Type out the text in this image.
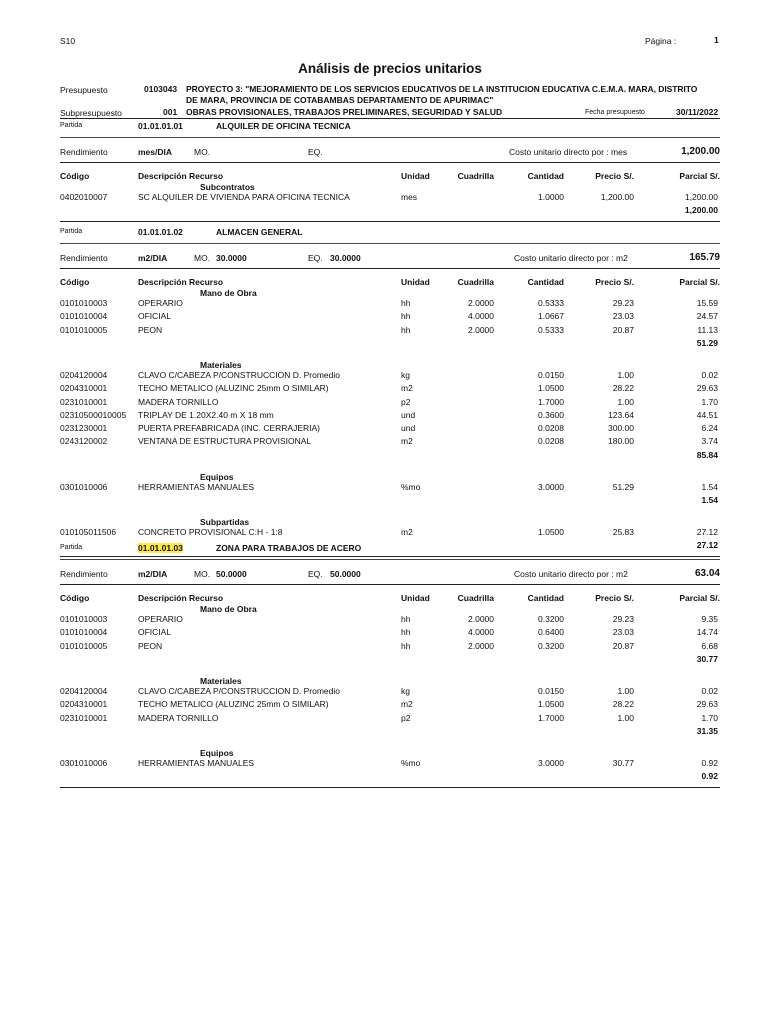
S10	Página :	1
Análisis de precios unitarios
Presupuesto	0103043 PROYECTO 3: "MEJORAMIENTO DE LOS SERVICIOS EDUCATIVOS DE LA INSTITUCION EDUCATIVA C.E.M.A. MARA, DISTRITO
DE MARA, PROVINCIA DE COTABAMBAS DEPARTAMENTO DE APURIMAC"
Subpresupuesto	001 OBRAS PROVISIONALES, TRABAJOS PRELIMINARES, SEGURIDAD Y SALUD	Fecha presupuesto	30/11/2022
Partida	01.01.01.01	ALQUILER DE OFICINA TECNICA
Rendimiento	mes/DIA	MO.	EQ.	Costo unitario directo por : mes	1,200.00
Código	Descripción Recurso	Unidad	Cuadrilla	Cantidad	Precio S/.	Parcial S/.
Subcontratos
0402010007	SC ALQUILER DE VIVIENDA PARA OFICINA TECNICA	mes	1.0000	1,200.00	1,200.00
1,200.00
Partida	01.01.01.02	ALMACEN GENERAL
Rendimiento	m2/DIA	MO. 30.0000	EQ. 30.0000	Costo unitario directo por : m2	165.79
Código	Descripción Recurso	Unidad	Cuadrilla	Cantidad	Precio S/.	Parcial S/.
Mano de Obra
0101010003	OPERARIO	hh	2.0000	0.5333	29.23	15.59
0101010004	OFICIAL	hh	4.0000	1.0667	23.03	24.57
0101010005	PEON	hh	2.0000	0.5333	20.87	11.13
51.29
Materiales
0204120004	CLAVO C/CABEZA P/CONSTRUCCION D. Promedio	kg	0.0150	1.00	0.02
0204310001	TECHO METALICO (ALUZINC 25mm O SIMILAR)	m2	1.0500	28.22	29.63
0231010001	MADERA TORNILLO	p2	1.7000	1.00	1.70
02310500010005 TRIPLAY DE 1.20X2.40 m X 18 mm	und	0.3600	123.64	44.51
0231230001	PUERTA PREFABRICADA (INC. CERRAJERIA)	und	0.0208	300.00	6.24
0243120002	VENTANA DE ESTRUCTURA PROVISIONAL	m2	0.0208	180.00	3.74
85.84
Equipos
0301010006	HERRAMIENTAS MANUALES	%mo	3.0000	51.29	1.54
1.54
Subpartidas
010105011506	CONCRETO PROVISIONAL C:H - 1:8	m2	1.0500	25.83	27.12
27.12
Partida	01.01.01.03	ZONA PARA TRABAJOS DE ACERO
Rendimiento	m2/DIA	MO. 50.0000	EQ. 50.0000	Costo unitario directo por : m2	63.04
Código	Descripción Recurso	Unidad	Cuadrilla	Cantidad	Precio S/.	Parcial S/.
Mano de Obra
0101010003	OPERARIO	hh	2.0000	0.3200	29.23	9.35
0101010004	OFICIAL	hh	4.0000	0.6400	23.03	14.74
0101010005	PEON	hh	2.0000	0.3200	20.87	6.68
30.77
Materiales
0204120004	CLAVO C/CABEZA P/CONSTRUCCION D. Promedio	kg	0.0150	1.00	0.02
0204310001	TECHO METALICO (ALUZINC 25mm O SIMILAR)	m2	1.0500	28.22	29.63
0231010001	MADERA TORNILLO	p2	1.7000	1.00	1.70
31.35
Equipos
0301010006	HERRAMIENTAS MANUALES	%mo	3.0000	30.77	0.92
0.92
